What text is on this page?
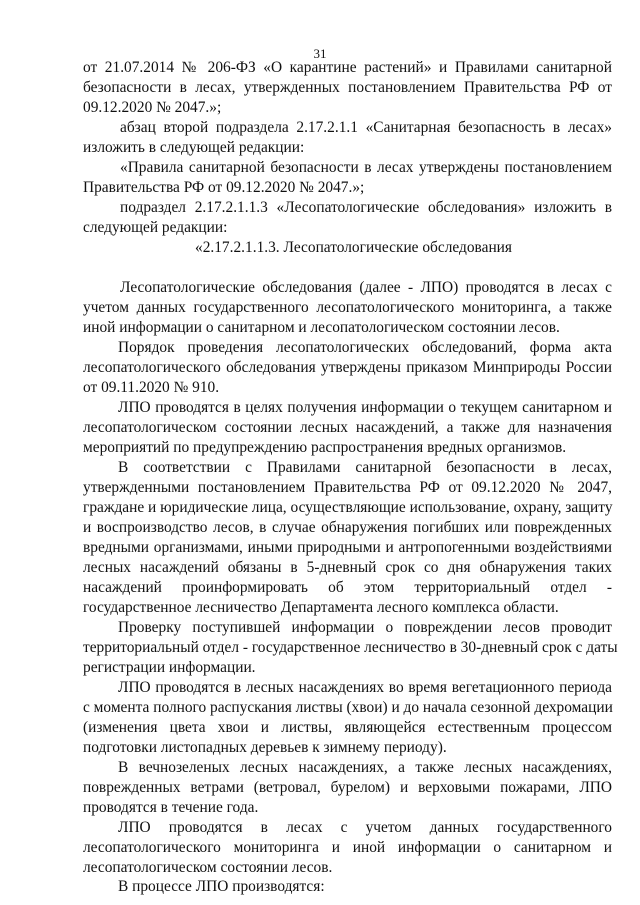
31
от 21.07.2014 № 206-ФЗ «О карантине растений» и Правилами санитарной
безопасности в лесах, утвержденных постановлением Правительства РФ от
09.12.2020 № 2047.»;
абзац второй подраздела 2.17.2.1.1 «Санитарная безопасность в лесах»
изложить в следующей редакции:
«Правила санитарной безопасности в лесах утверждены постановлением
Правительства РФ от 09.12.2020 № 2047.»;
подраздел 2.17.2.1.1.3 «Лесопатологические обследования» изложить в
следующей редакции:
«2.17.2.1.1.3. Лесопатологические обследования
Лесопатологические обследования (далее - ЛПО) проводятся в лесах с
учетом данных государственного лесопатологического мониторинга, а также
иной информации о санитарном и лесопатологическом состоянии лесов.
Порядок проведения лесопатологических обследований, форма акта
лесопатологического обследования утверждены приказом Минприроды России
от 09.11.2020 № 910.
ЛПО проводятся в целях получения информации о текущем санитарном и
лесопатологическом состоянии лесных насаждений, а также для назначения
мероприятий по предупреждению распространения вредных организмов.
В соответствии с Правилами санитарной безопасности в лесах,
утвержденными постановлением Правительства РФ от 09.12.2020 № 2047,
граждане и юридические лица, осуществляющие использование, охрану, защиту
и воспроизводство лесов, в случае обнаружения погибших или поврежденных
вредными организмами, иными природными и антропогенными воздействиями
лесных насаждений обязаны в 5-дневный срок со дня обнаружения таких
насаждений проинформировать об этом территориальный отдел -
государственное лесничество Департамента лесного комплекса области.
Проверку поступившей информации о повреждении лесов проводит
территориальный отдел - государственное лесничество в 30-дневный срок с даты
регистрации информации.
ЛПО проводятся в лесных насаждениях во время вегетационного периода
с момента полного распускания листвы (хвои) и до начала сезонной дехромации
(изменения цвета хвои и листвы, являющейся естественным процессом
подготовки листопадных деревьев к зимнему периоду).
В вечнозеленых лесных насаждениях, а также лесных насаждениях,
поврежденных ветрами (ветровал, бурелом) и верховыми пожарами, ЛПО
проводятся в течение года.
ЛПО проводятся в лесах с учетом данных государственного
лесопатологического мониторинга и иной информации о санитарном и
лесопатологическом состоянии лесов.
В процессе ЛПО производятся:
